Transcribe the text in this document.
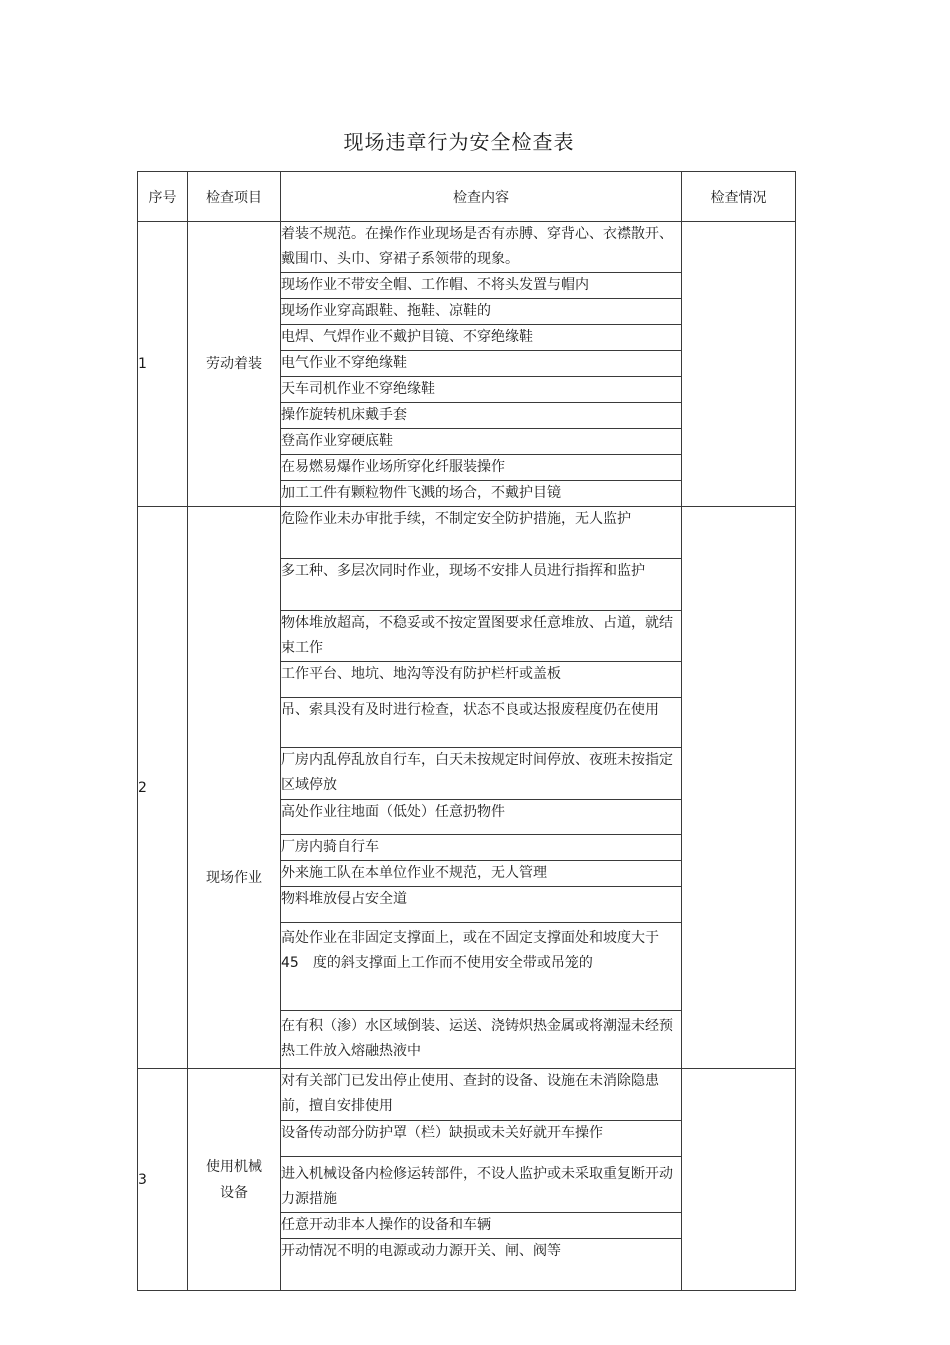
现场违章行为安全检查表
序号	检查项目	检查内容	检查情况
1	劳动着装	着装不规范。在操作作业现场是否有赤膊、穿背心、衣襟散开、戴围巾、头巾、穿裙子系领带的现象。	
		现场作业不带安全帽、工作帽、不将头发置与帽内	
		现场作业穿高跟鞋、拖鞋、凉鞋的	
		电焊、气焊作业不戴护目镜、不穿绝缘鞋	
		电气作业不穿绝缘鞋	
		天车司机作业不穿绝缘鞋	
		操作旋转机床戴手套	
		登高作业穿硬底鞋	
		在易燃易爆作业场所穿化纤服装操作	
		加工工件有颗粒物件飞溅的场合，不戴护目镜	
2	现场作业	危险作业未办审批手续，不制定安全防护措施，无人监护	
		多工种、多层次同时作业，现场不安排人员进行指挥和监护	
		物体堆放超高，不稳妥或不按定置图要求任意堆放、占道，就结束工作	
		工作平台、地坑、地沟等没有防护栏杆或盖板	
		吊、索具没有及时进行检查，状态不良或达报废程度仍在使用	
		厂房内乱停乱放自行车，白天未按规定时间停放、夜班未按指定区域停放	
		高处作业往地面（低处）任意扔物件	
		厂房内骑自行车	
		外来施工队在本单位作业不规范，无人管理	
		物料堆放侵占安全道	
		高处作业在非固定支撑面上，或在不固定支撑面处和坡度大于　45　度的斜支撑面上工作而不使用安全带或吊笼的	
		在有积（渗）水区域倒装、运送、浇铸炽热金属或将潮湿未经预热工件放入熔融热液中	
3	使用机械设备	对有关部门已发出停止使用、查封的设备、设施在未消除隐患前，擅自安排使用	
		设备传动部分防护罩（栏）缺损或未关好就开车操作	
		进入机械设备内检修运转部件，不设人监护或未采取重复断开动力源措施	
		任意开动非本人操作的设备和车辆	
		开动情况不明的电源或动力源开关、闸、阀等	
